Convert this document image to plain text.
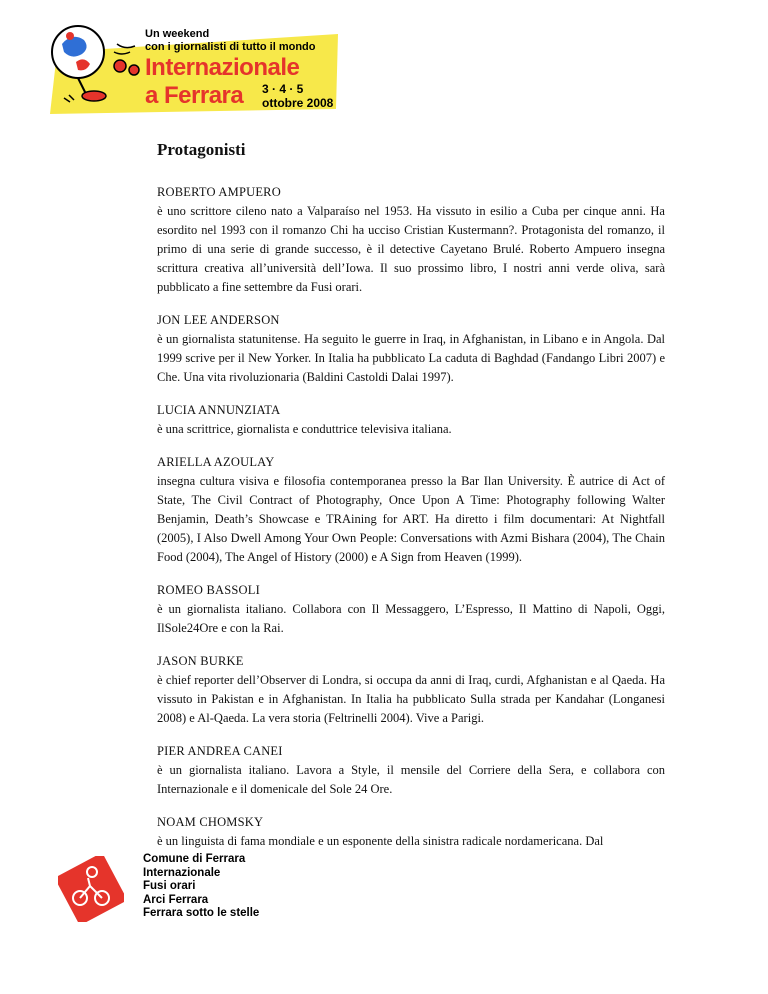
Un weekend
con i giornalisti di tutto il mondo
Internazionale
a Ferrara 3 · 4 · 5
ottobre 2008
Protagonisti
ROBERTO AMPUERO
è uno scrittore cileno nato a Valparaíso nel 1953. Ha vissuto in esilio a Cuba per cinque anni. Ha esordito nel 1993 con il romanzo Chi ha ucciso Cristian Kustermann?. Protagonista del romanzo, il primo di una serie di grande successo, è il detective Cayetano Brulé. Roberto Ampuero insegna scrittura creativa all’università dell’Iowa. Il suo prossimo libro, I nostri anni verde oliva, sarà pubblicato a fine settembre da Fusi orari.
JON LEE ANDERSON
è un giornalista statunitense. Ha seguito le guerre in Iraq, in Afghanistan, in Libano e in Angola. Dal 1999 scrive per il New Yorker. In Italia ha pubblicato La caduta di Baghdad (Fandango Libri 2007) e Che. Una vita rivoluzionaria (Baldini Castoldi Dalai 1997).
LUCIA ANNUNZIATA
è una scrittrice, giornalista e conduttrice televisiva italiana.
ARIELLA AZOULAY
insegna cultura visiva e filosofia contemporanea presso la Bar Ilan University. È autrice di Act of State, The Civil Contract of Photography, Once Upon A Time: Photography following Walter Benjamin, Death’s Showcase e TRAining for ART. Ha diretto i film documentari: At Nightfall (2005), I Also Dwell Among Your Own People: Conversations with Azmi Bishara (2004), The Chain Food (2004), The Angel of History (2000) e A Sign from Heaven (1999).
ROMEO BASSOLI
è un giornalista italiano. Collabora con Il Messaggero, L’Espresso, Il Mattino di Napoli, Oggi, IlSole24Ore e con la Rai.
JASON BURKE
è chief reporter dell’Observer di Londra, si occupa da anni di Iraq, curdi, Afghanistan e al Qaeda. Ha vissuto in Pakistan e in Afghanistan. In Italia ha pubblicato Sulla strada per Kandahar (Longanesi 2008) e Al-Qaeda. La vera storia (Feltrinelli 2004). Vive a Parigi.
PIER ANDREA CANEI
è un giornalista italiano. Lavora a Style, il mensile del Corriere della Sera, e collabora con Internazionale e il domenicale del Sole 24 Ore.
NOAM CHOMSKY
è un linguista di fama mondiale e un esponente della sinistra radicale nordamericana. Dal
Comune di Ferrara
Internazionale
Fusi orari
Arci Ferrara
Ferrara sotto le stelle
